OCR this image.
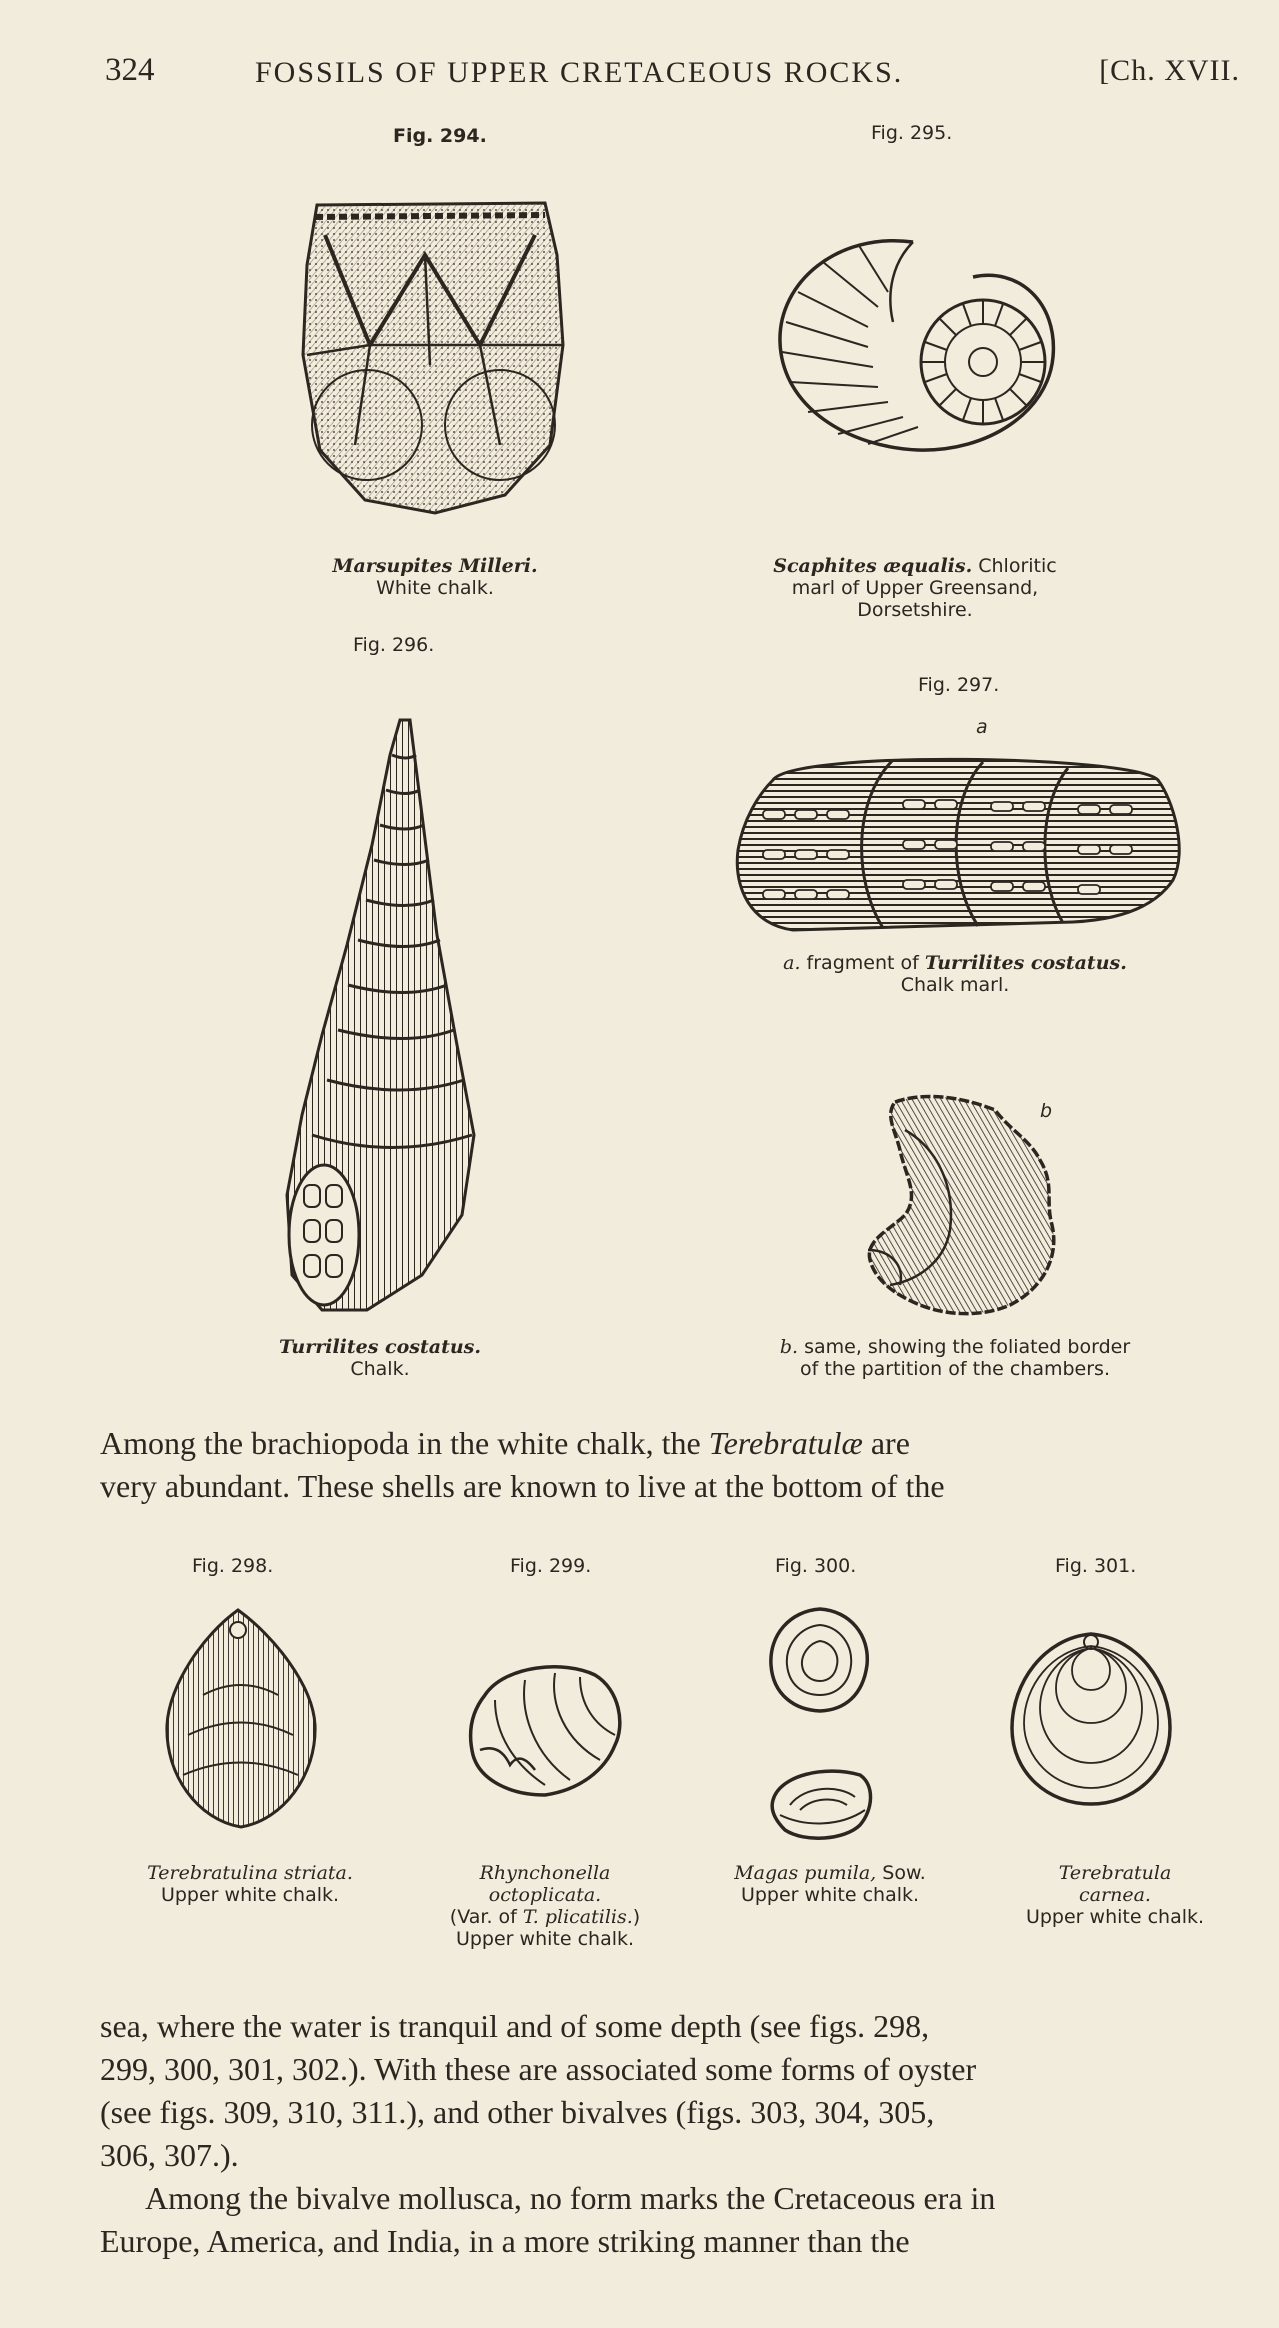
324	FOSSILS OF UPPER CRETACEOUS ROCKS.	[Ch. XVII.
Fig. 294.
Marsupites Milleri.
White chalk.
Fig. 295.
Scaphites æqualis. Chloritic
marl of Upper Greensand,
Dorsetshire.
Fig. 296.
Turrilites costatus.
Chalk.
Fig. 297.
a
a. fragment of Turrilites costatus.
Chalk marl.
b
b. same, showing the foliated border
of the partition of the chambers.
Among the brachiopoda in the white chalk, the Terebratulæ are
very abundant. These shells are known to live at the bottom of the
Fig. 298.	Fig. 299.	Fig. 300.	Fig. 301.
Terebratulina striata.
Upper white chalk.
Rhynchonella
octoplicata.
(Var. of T. plicatilis.)
Upper white chalk.
Magas pumila, Sow.
Upper white chalk.
Terebratula
carnea.
Upper white chalk.
sea, where the water is tranquil and of some depth (see figs. 298,
299, 300, 301, 302.). With these are associated some forms of oyster
(see figs. 309, 310, 311.), and other bivalves (figs. 303, 304, 305,
306, 307.).
Among the bivalve mollusca, no form marks the Cretaceous era in
Europe, America, and India, in a more striking manner than the
